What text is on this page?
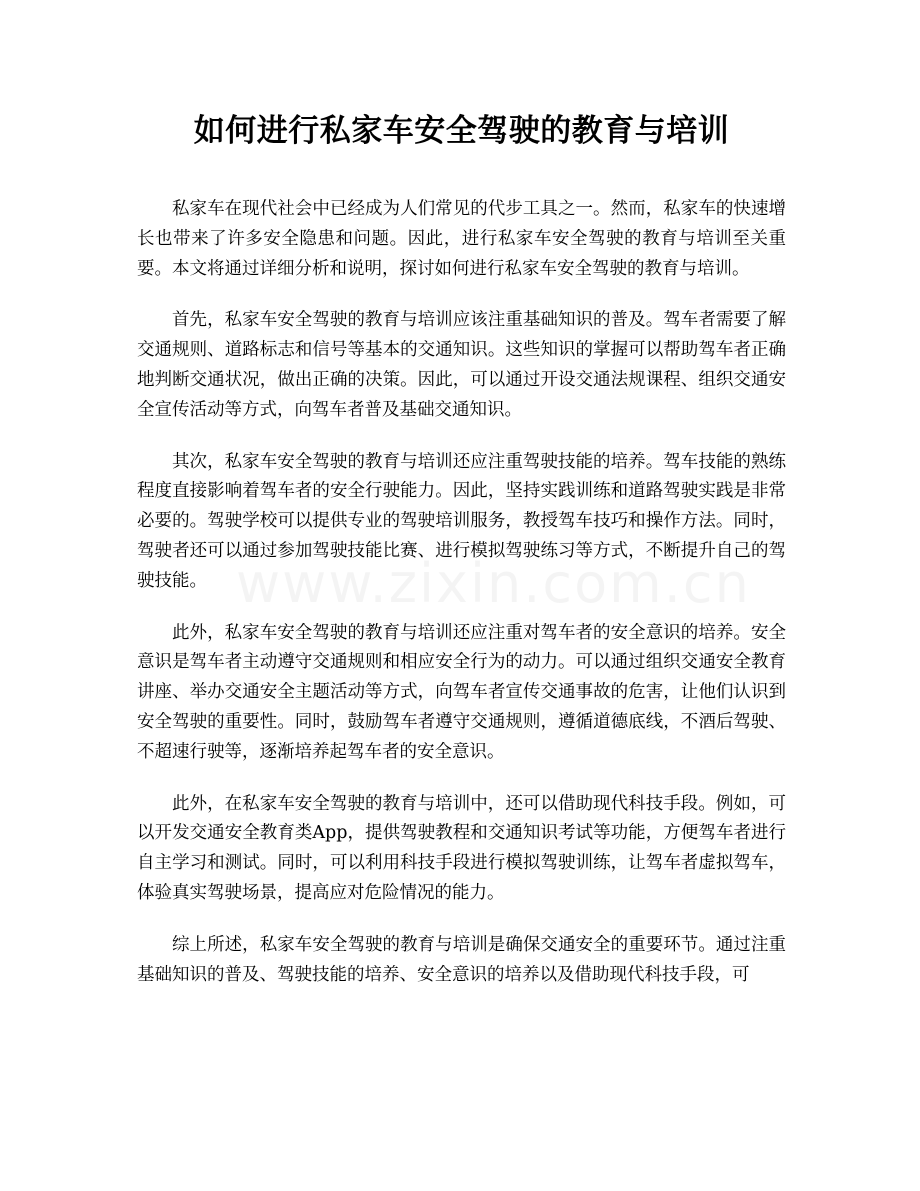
如何进行私家车安全驾驶的教育与培训

私家车在现代社会中已经成为人们常见的代步工具之一。然而，私家车的快速增长也带来了许多安全隐患和问题。因此，进行私家车安全驾驶的教育与培训至关重要。本文将通过详细分析和说明，探讨如何进行私家车安全驾驶的教育与培训。

首先，私家车安全驾驶的教育与培训应该注重基础知识的普及。驾车者需要了解交通规则、道路标志和信号等基本的交通知识。这些知识的掌握可以帮助驾车者正确地判断交通状况，做出正确的决策。因此，可以通过开设交通法规课程、组织交通安全宣传活动等方式，向驾车者普及基础交通知识。

其次，私家车安全驾驶的教育与培训还应注重驾驶技能的培养。驾车技能的熟练程度直接影响着驾车者的安全行驶能力。因此，坚持实践训练和道路驾驶实践是非常必要的。驾驶学校可以提供专业的驾驶培训服务，教授驾车技巧和操作方法。同时，驾驶者还可以通过参加驾驶技能比赛、进行模拟驾驶练习等方式，不断提升自己的驾驶技能。

此外，私家车安全驾驶的教育与培训还应注重对驾车者的安全意识的培养。安全意识是驾车者主动遵守交通规则和相应安全行为的动力。可以通过组织交通安全教育讲座、举办交通安全主题活动等方式，向驾车者宣传交通事故的危害，让他们认识到安全驾驶的重要性。同时，鼓励驾车者遵守交通规则，遵循道德底线，不酒后驾驶、不超速行驶等，逐渐培养起驾车者的安全意识。

此外，在私家车安全驾驶的教育与培训中，还可以借助现代科技手段。例如，可以开发交通安全教育类App，提供驾驶教程和交通知识考试等功能，方便驾车者进行自主学习和测试。同时，可以利用科技手段进行模拟驾驶训练，让驾车者虚拟驾车，体验真实驾驶场景，提高应对危险情况的能力。

综上所述，私家车安全驾驶的教育与培训是确保交通安全的重要环节。通过注重基础知识的普及、驾驶技能的培养、安全意识的培养以及借助现代科技手段，可
